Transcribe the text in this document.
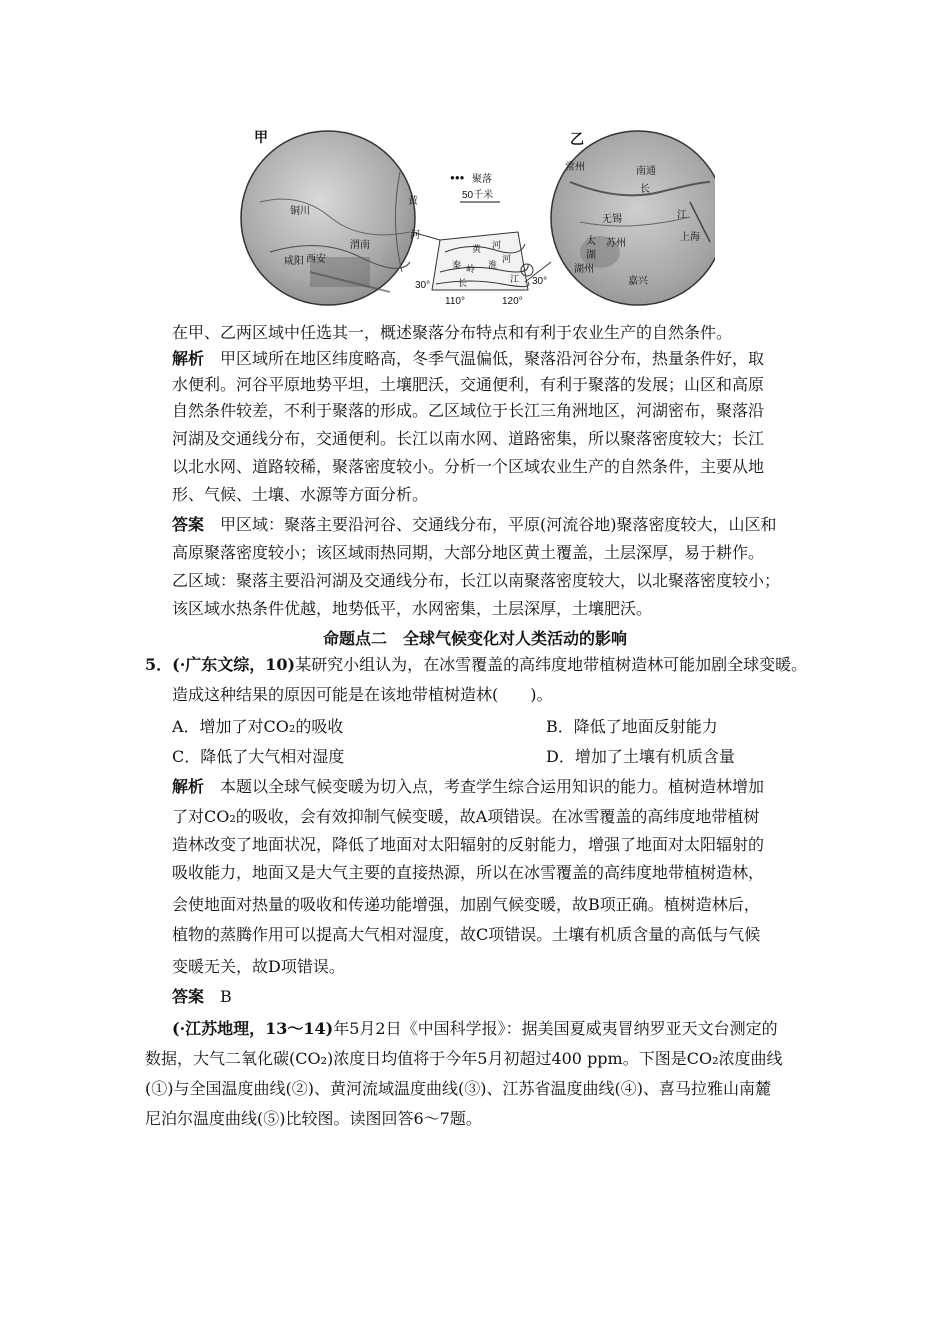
甲	乙
●●● 聚落
50千米
铜川
渭南
咸阳 西安
黄
河
常州	南通
长
无锡	江
上海
太 苏州
湖
湖州
嘉兴
黄 河
秦 岭 淮
河
长	江
30°	30°
110°	120°
在甲、乙两区域中任选其一，概述聚落分布特点和有利于农业生产的自然条件。
解析　甲区域所在地区纬度略高，冬季气温偏低，聚落沿河谷分布，热量条件好，取
水便利。河谷平原地势平坦，土壤肥沃，交通便利，有利于聚落的发展；山区和高原
自然条件较差，不利于聚落的形成。乙区域位于长江三角洲地区，河湖密布，聚落沿
河湖及交通线分布，交通便利。长江以南水网、道路密集，所以聚落密度较大；长江
以北水网、道路较稀，聚落密度较小。分析一个区域农业生产的自然条件，主要从地
形、气候、土壤、水源等方面分析。
答案　甲区域：聚落主要沿河谷、交通线分布，平原(河流谷地)聚落密度较大，山区和
高原聚落密度较小；该区域雨热同期，大部分地区黄土覆盖，土层深厚，易于耕作。
乙区域：聚落主要沿河湖及交通线分布，长江以南聚落密度较大，以北聚落密度较小；
该区域水热条件优越，地势低平，水网密集，土层深厚，土壤肥沃。
5．(·广东文综，10)某研究小组认为，在冰雪覆盖的高纬度地带植树造林可能加剧全球变暖。
造成这种结果的原因可能是在该地带植树造林(　　)。
A．增加了对CO₂的吸收	B．降低了地面反射能力
C．降低了大气相对湿度	D．增加了土壤有机质含量
解析　本题以全球气候变暖为切入点，考查学生综合运用知识的能力。植树造林增加
了对CO₂的吸收，会有效抑制气候变暖，故A项错误。在冰雪覆盖的高纬度地带植树
造林改变了地面状况，降低了地面对太阳辐射的反射能力，增强了地面对太阳辐射的
吸收能力，地面又是大气主要的直接热源，所以在冰雪覆盖的高纬度地带植树造林，
会使地面对热量的吸收和传递功能增强，加剧气候变暖，故B项正确。植树造林后，
植物的蒸腾作用可以提高大气相对湿度，故C项错误。土壤有机质含量的高低与气候
变暖无关，故D项错误。
答案　B
(·江苏地理，13～14)年5月2日《中国科学报》：据美国夏威夷冒纳罗亚天文台测定的
数据，大气二氧化碳(CO₂)浓度日均值将于今年5月初超过400 ppm。下图是CO₂浓度曲线
(①)与全国温度曲线(②)、黄河流域温度曲线(③)、江苏省温度曲线(④)、喜马拉雅山南麓
尼泊尔温度曲线(⑤)比较图。读图回答6～7题。
命题点二　全球气候变化对人类活动的影响
